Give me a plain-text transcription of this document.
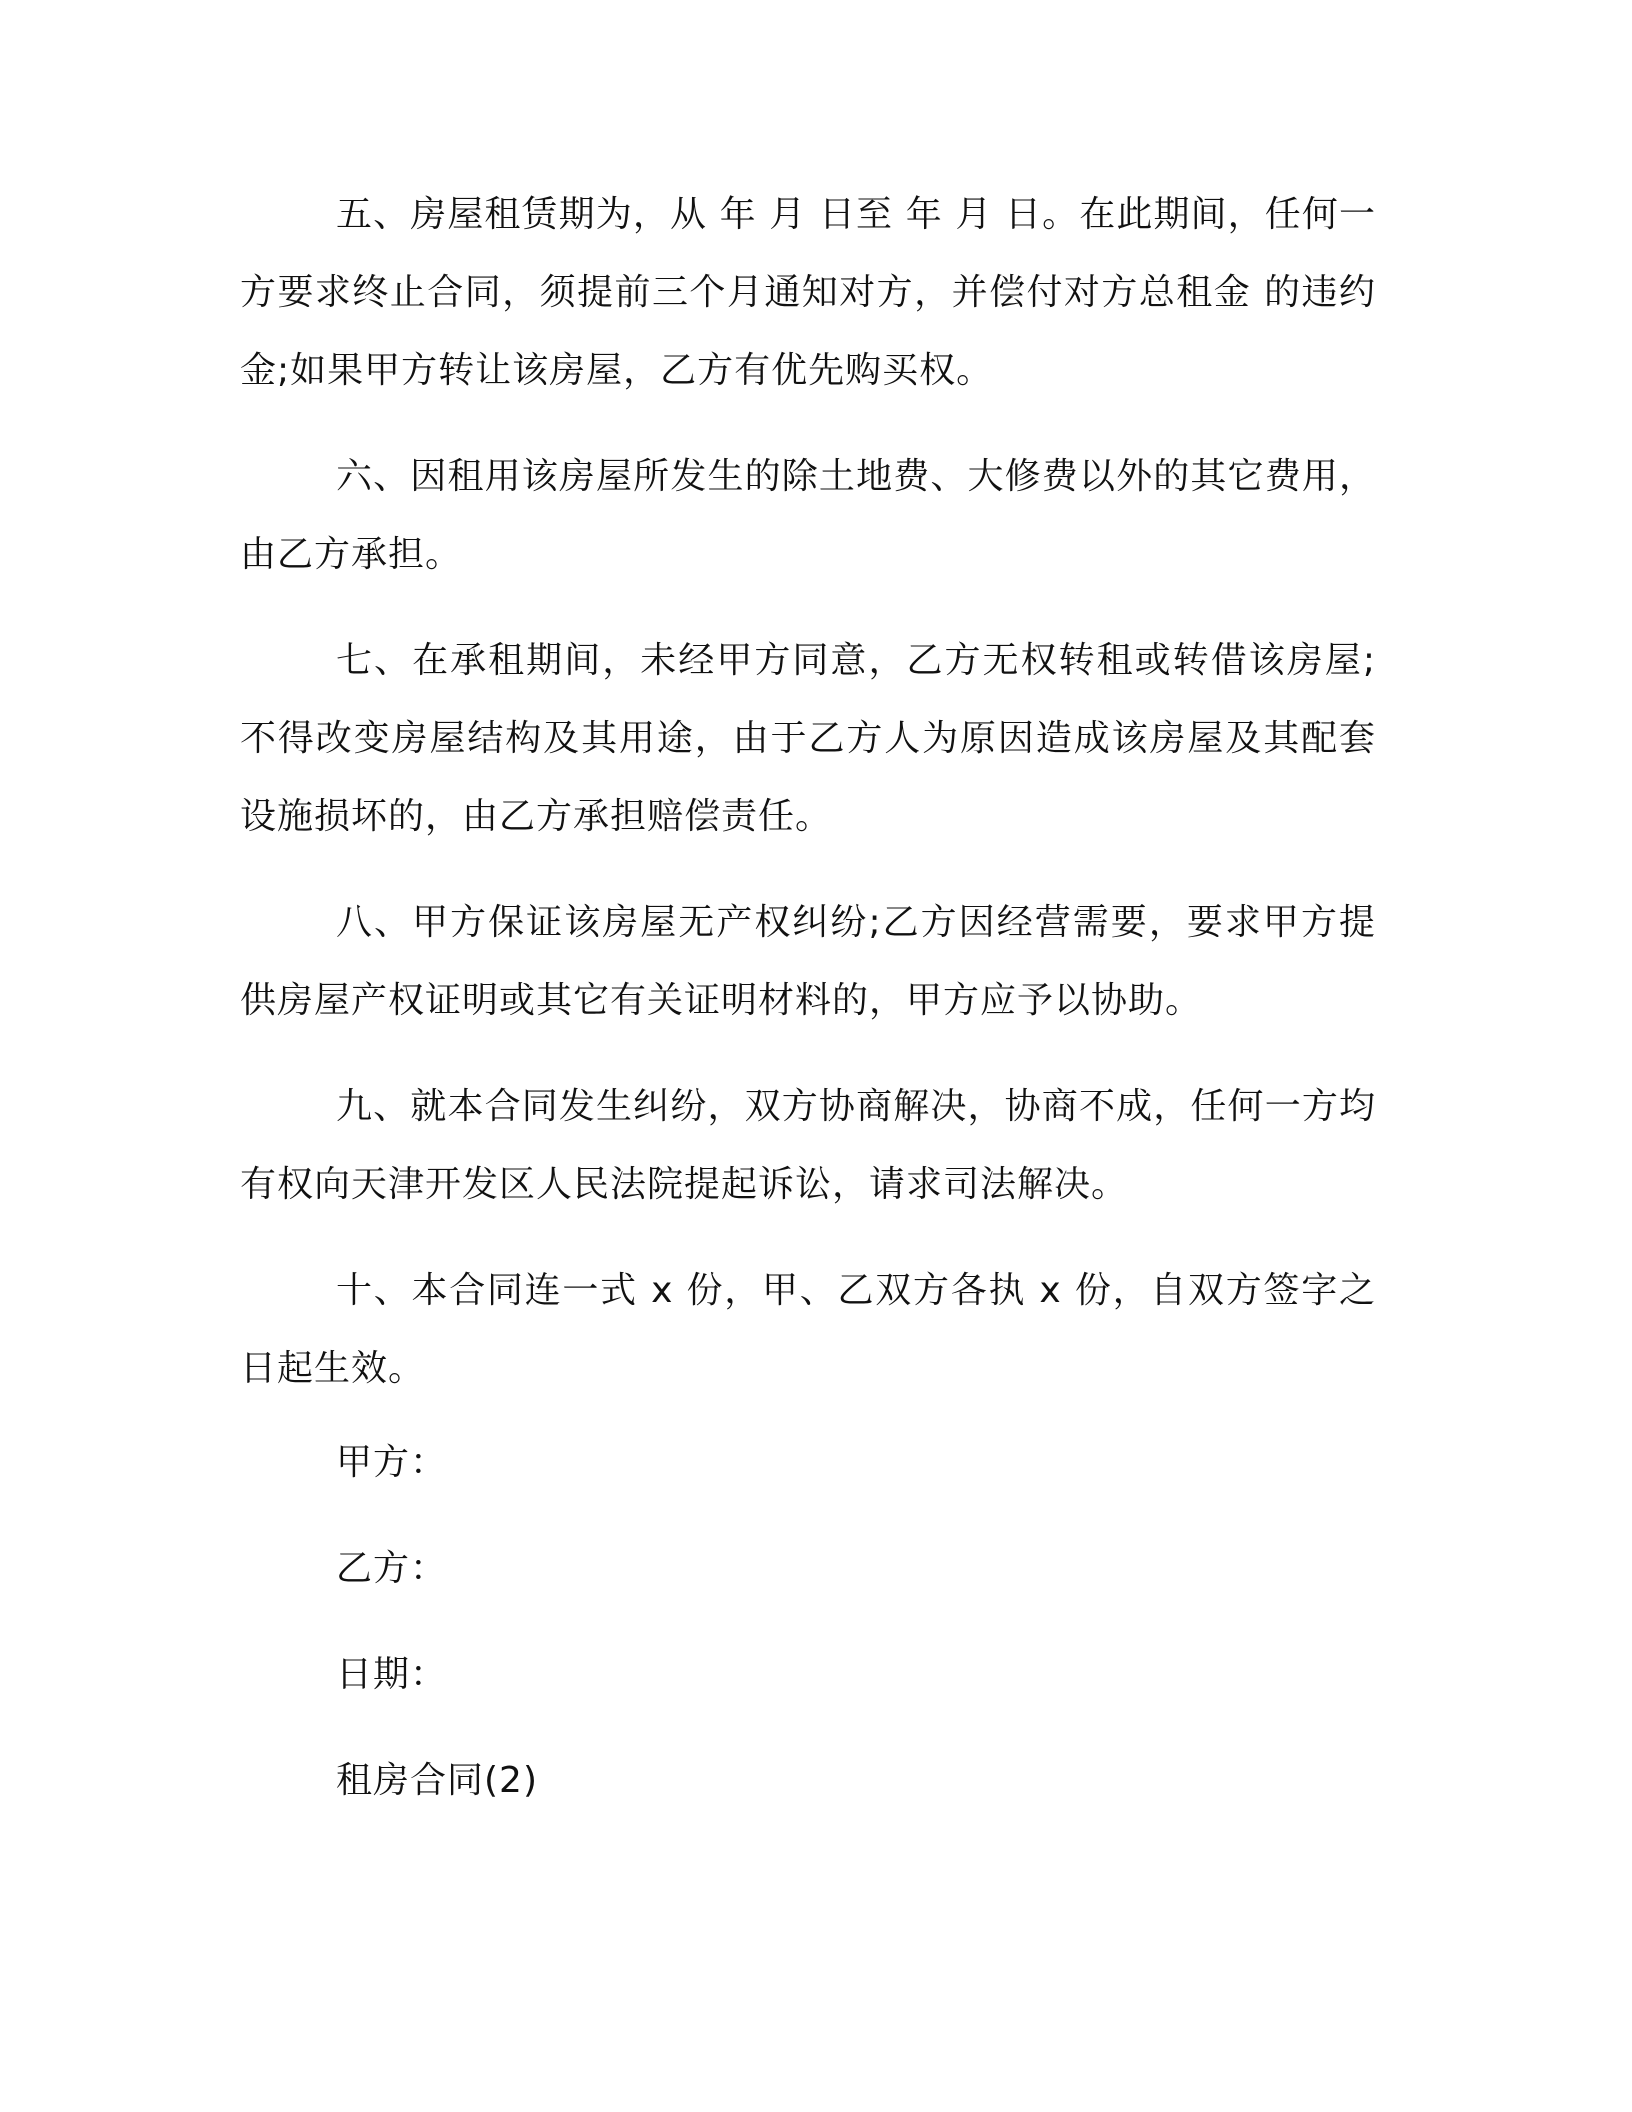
五、房屋租赁期为，从 年 月 日至 年 月 日。在此期间，任何一方要求终止合同，须提前三个月通知对方，并偿付对方总租金 的违约金;如果甲方转让该房屋，乙方有优先购买权。

六、因租用该房屋所发生的除土地费、大修费以外的其它费用，由乙方承担。

七、在承租期间，未经甲方同意，乙方无权转租或转借该房屋;不得改变房屋结构及其用途，由于乙方人为原因造成该房屋及其配套设施损坏的，由乙方承担赔偿责任。

八、甲方保证该房屋无产权纠纷;乙方因经营需要，要求甲方提供房屋产权证明或其它有关证明材料的，甲方应予以协助。

九、就本合同发生纠纷，双方协商解决，协商不成，任何一方均有权向天津开发区人民法院提起诉讼，请求司法解决。

十、本合同连一式 x 份，甲、乙双方各执 x 份，自双方签字之日起生效。

甲方：

乙方：

日期：

租房合同(2)
